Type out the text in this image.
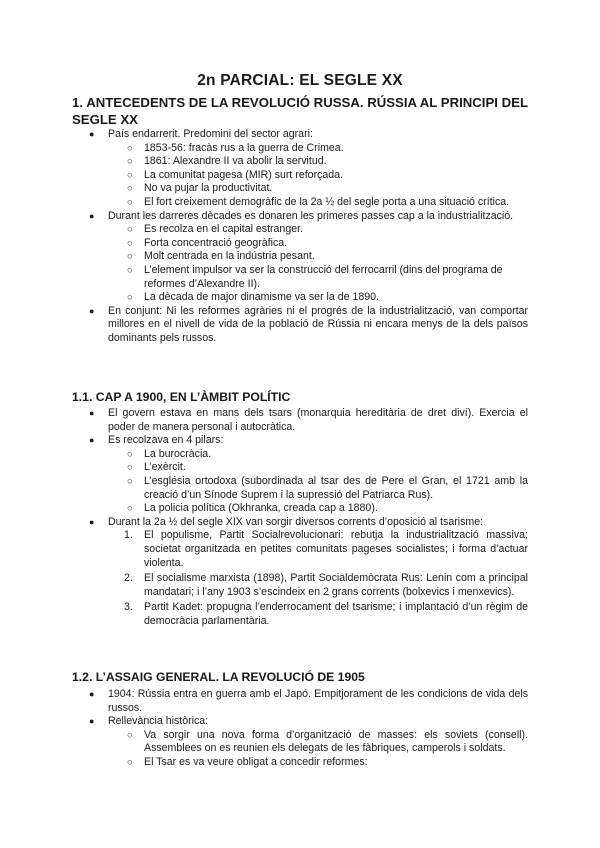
2n PARCIAL: EL SEGLE XX
1. ANTECEDENTS DE LA REVOLUCIÓ RUSSA. RÚSSIA AL PRINCIPI DEL SEGLE XX
● País endarrerit. Predomini del sector agrari:
○ 1853-56: fracàs rus a la guerra de Crimea.
○ 1861: Alexandre II va abolir la servitud.
○ La comunitat pagesa (MIR) surt reforçada.
○ No va pujar la productivitat.
○ El fort creixement demogràfic de la 2a ½ del segle porta a una situació crítica.
● Durant les darreres dècades es donaren les primeres passes cap a la industrialització.
○ Es recolza en el capital estranger.
○ Forta concentració geogràfica.
○ Molt centrada en la indústria pesant.
○ L’element impulsor va ser la construcció del ferrocarril (dins del programa de reformes d’Alexandre II).
○ La dècada de major dinamisme va ser la de 1890.
● En conjunt: Ni les reformes agràries ni el progrés de la industrialització, van comportar millores en el nivell de vida de la població de Rússia ni encara menys de la dels països dominants pels russos.
1.1. CAP A 1900, EN L’ÀMBIT POLÍTIC
● El govern estava en mans dels tsars (monarquia hereditària de dret diví). Exercia el poder de manera personal i autocràtica.
● Es recolzava en 4 pilars:
○ La burocràcia.
○ L’exèrcit.
○ L’església ortodoxa (subordinada al tsar des de Pere el Gran, el 1721 amb la creació d’un Sínode Suprem i la supressió del Patriarca Rus).
○ La policia política (Okhranka, creada cap a 1880).
● Durant la 2a ½ del segle XIX van sorgir diversos corrents d’oposició al tsarisme:
1. El populisme, Partit Socialrevolucionari: rebutja la industrialització massiva; societat organitzada en petites comunitats pageses socialistes; i forma d’actuar violenta.
2. El socialisme marxista (1898), Partit Socialdemòcrata Rus: Lenin com a principal mandatari; i l’any 1903 s’escindeix en 2 grans corrents (bolxevics i menxevics).
3. Partit Kadet: propugna l’enderrocament del tsarisme; i implantació d’un règim de democràcia parlamentària.
1.2. L’ASSAIG GENERAL. LA REVOLUCIÓ DE 1905
● 1904: Rússia entra en guerra amb el Japó. Empitjorament de les condicions de vida dels russos.
● Rellevància històrica:
○ Va sorgir una nova forma d’organització de masses: els soviets (consell). Assemblees on es reunien els delegats de les fàbriques, camperols i soldats.
○ El Tsar es va veure obligat a concedir reformes:
